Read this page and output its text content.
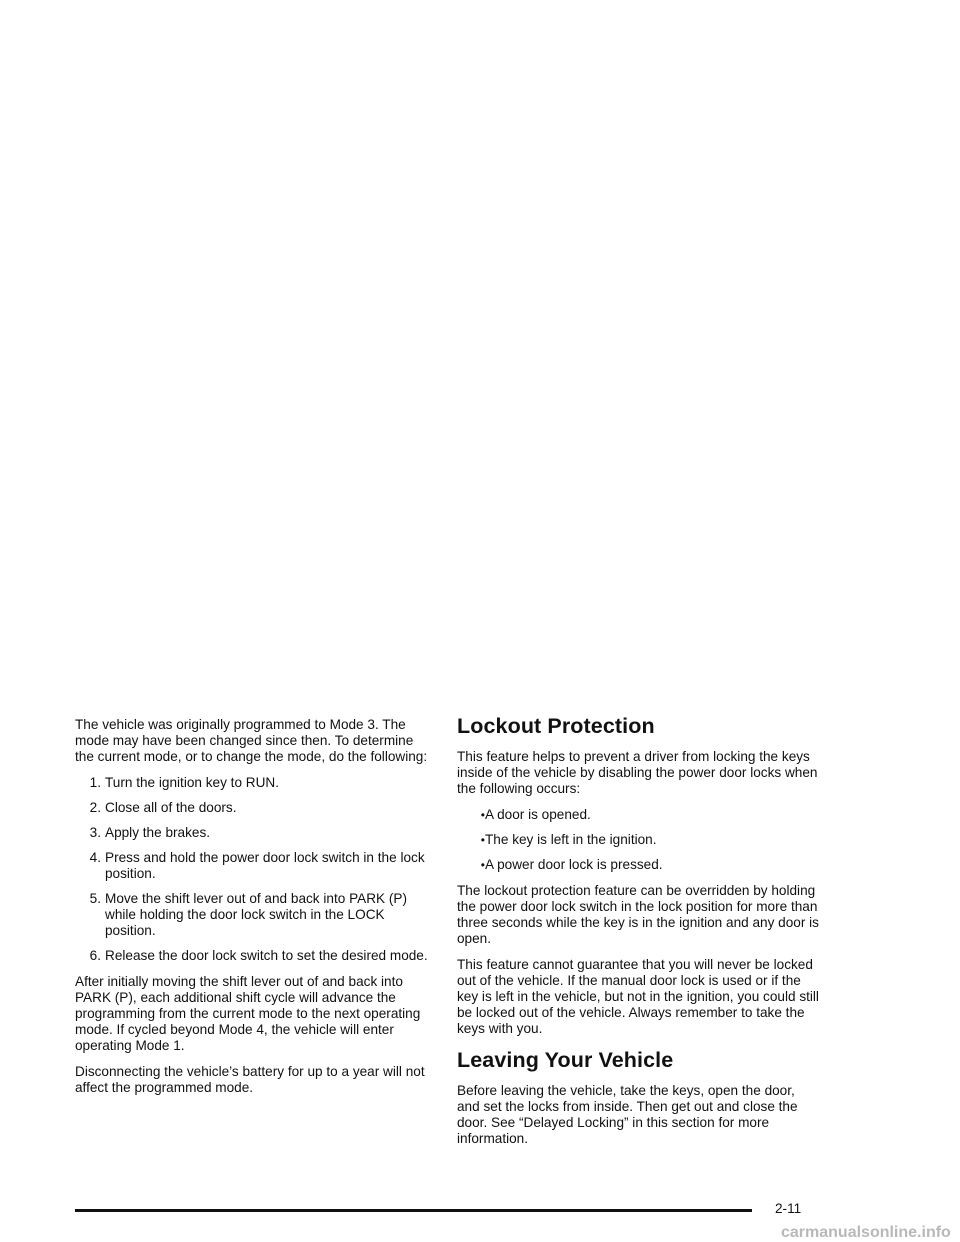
The vehicle was originally programmed to Mode 3. The mode may have been changed since then. To determine the current mode, or to change the mode, do the following:

1. Turn the ignition key to RUN.
2. Close all of the doors.
3. Apply the brakes.
4. Press and hold the power door lock switch in the lock position.
5. Move the shift lever out of and back into PARK (P) while holding the door lock switch in the LOCK position.
6. Release the door lock switch to set the desired mode.

After initially moving the shift lever out of and back into PARK (P), each additional shift cycle will advance the programming from the current mode to the next operating mode. If cycled beyond Mode 4, the vehicle will enter operating Mode 1.

Disconnecting the vehicle’s battery for up to a year will not affect the programmed mode.

Lockout Protection

This feature helps to prevent a driver from locking the keys inside of the vehicle by disabling the power door locks when the following occurs:

• A door is opened.
• The key is left in the ignition.
• A power door lock is pressed.

The lockout protection feature can be overridden by holding the power door lock switch in the lock position for more than three seconds while the key is in the ignition and any door is open.

This feature cannot guarantee that you will never be locked out of the vehicle. If the manual door lock is used or if the key is left in the vehicle, but not in the ignition, you could still be locked out of the vehicle. Always remember to take the keys with you.

Leaving Your Vehicle

Before leaving the vehicle, take the keys, open the door, and set the locks from inside. Then get out and close the door. See “Delayed Locking” in this section for more information.

2-11
carmanualsonline.info
